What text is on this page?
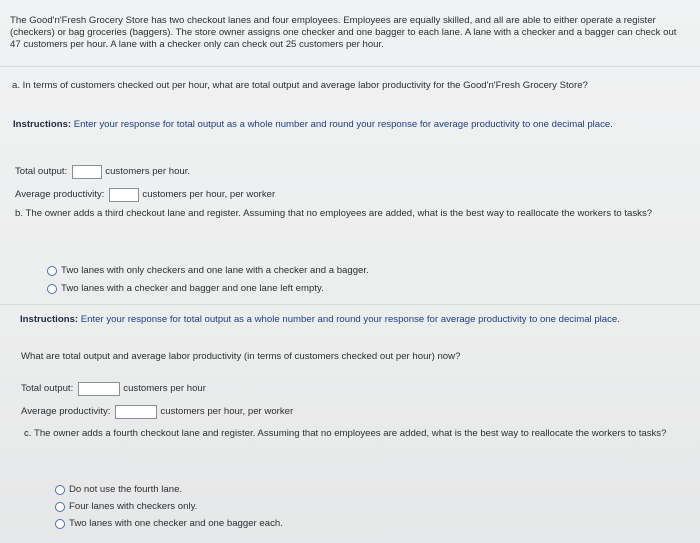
The Good'n'Fresh Grocery Store has two checkout lanes and four employees. Employees are equally skilled, and all are able to either operate a register (checkers) or bag groceries (baggers). The store owner assigns one checker and one bagger to each lane. A lane with a checker and a bagger can check out 47 customers per hour. A lane with a checker only can check out 25 customers per hour.

a. In terms of customers checked out per hour, what are total output and average labor productivity for the Good'n'Fresh Grocery Store?

Instructions: Enter your response for total output as a whole number and round your response for average productivity to one decimal place.

Total output:	customers per hour.
Average productivity:	customers per hour, per worker

b. The owner adds a third checkout lane and register. Assuming that no employees are added, what is the best way to reallocate the workers to tasks?

Two lanes with only checkers and one lane with a checker and a bagger.
Two lanes with a checker and bagger and one lane left empty.

Instructions: Enter your response for total output as a whole number and round your response for average productivity to one decimal place.

What are total output and average labor productivity (in terms of customers checked out per hour) now?

Total output:	customers per hour
Average productivity:	customers per hour, per worker

c. The owner adds a fourth checkout lane and register. Assuming that no employees are added, what is the best way to reallocate the workers to tasks?

Do not use the fourth lane.
Four lanes with checkers only.
Two lanes with one checker and one bagger each.
